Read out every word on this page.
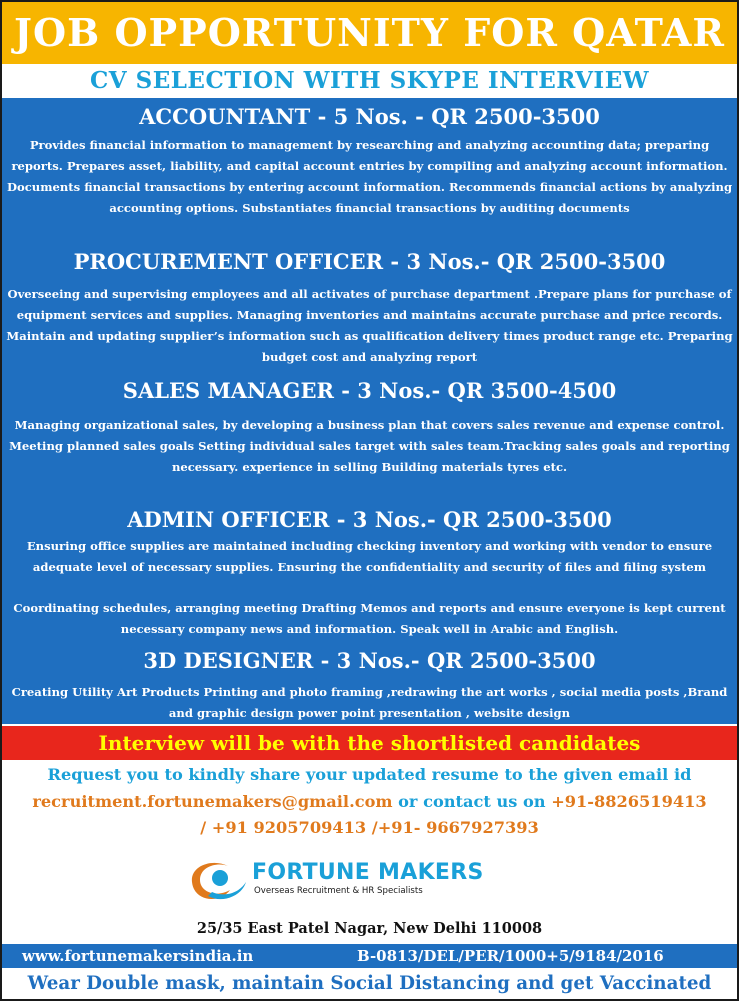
JOB OPPORTUNITY FOR QATAR
CV SELECTION WITH SKYPE INTERVIEW
ACCOUNTANT - 5 Nos. - QR 2500-3500
Provides financial information to management by researching and analyzing accounting data; preparing reports. Prepares asset, liability, and capital account entries by compiling and analyzing account information. Documents financial transactions by entering account information. Recommends financial actions by analyzing accounting options. Substantiates financial transactions by auditing documents
PROCUREMENT OFFICER - 3 Nos.- QR 2500-3500
Overseeing and supervising employees and all activates of purchase department .Prepare plans for purchase of equipment services and supplies. Managing inventories and maintains accurate purchase and price records. Maintain and updating supplier’s information such as qualification delivery times product range etc. Preparing budget cost and analyzing report
SALES MANAGER - 3 Nos.- QR 3500-4500
Managing organizational sales, by developing a business plan that covers sales revenue and expense control. Meeting planned sales goals Setting individual sales target with sales team.Tracking sales goals and reporting necessary. experience in selling Building materials tyres etc.
ADMIN OFFICER - 3 Nos.- QR 2500-3500
Ensuring office supplies are maintained including checking inventory and working with vendor to ensure adequate level of necessary supplies. Ensuring the confidentiality and security of files and filing system
Coordinating schedules, arranging meeting Drafting Memos and reports and ensure everyone is kept current necessary company news and information. Speak well in Arabic and English.
3D DESIGNER - 3 Nos.- QR 2500-3500
Creating Utility Art Products Printing and photo framing ,redrawing the art works , social media posts ,Brand and graphic design power point presentation , website design
Interview will be with the shortlisted candidates
Request you to kindly share your updated resume to the given email id
recruitment.fortunemakers@gmail.com or contact us on +91-8826519413
/ +91 9205709413 /+91- 9667927393
FORTUNE MAKERS
Overseas Recruitment & HR Specialists
25/35 East Patel Nagar, New Delhi 110008
www.fortunemakersindia.in	B-0813/DEL/PER/1000+5/9184/2016
Wear Double mask, maintain Social Distancing and get Vaccinated
